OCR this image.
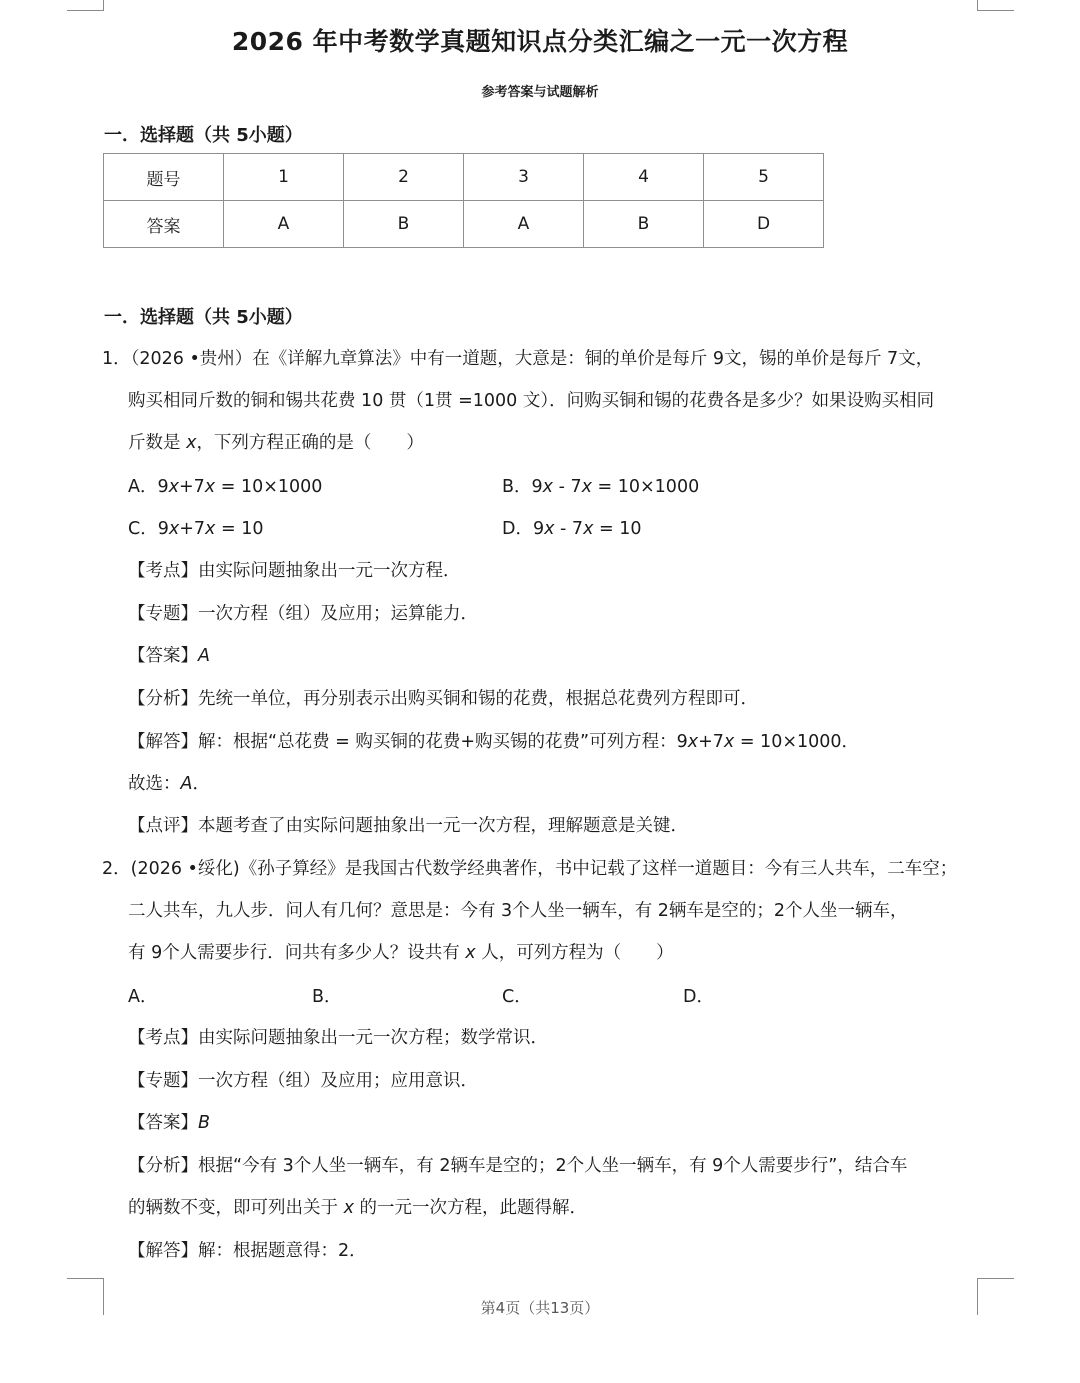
2026 年中考数学真题知识点分类汇编之一元一次方程
参考答案与试题解析
一．选择题（共 5小题）
题号	1	2	3	4	5
答案	A	B	A	B	D
一．选择题（共 5小题）
1．（2026 •贵州）在《详解九章算法》中有一道题，大意是：铜的单价是每斤 9文，锡的单价是每斤 7文，
购买相同斤数的铜和锡共花费 10 贯（1贯 =1000 文）．问购买铜和锡的花费各是多少？如果设购买相同
斤数是 x，下列方程正确的是（　　）
A．9x+7x = 10×1000	B．9x - 7x = 10×1000
C．9x+7x = 10	D．9x - 7x = 10
【考点】由实际问题抽象出一元一次方程．
【专题】一次方程（组）及应用；运算能力．
【答案】A
【分析】先统一单位，再分别表示出购买铜和锡的花费，根据总花费列方程即可．
【解答】解：根据“总花费 = 购买铜的花费+购买锡的花费”可列方程：9x+7x = 10×1000．
故选：A．
【点评】本题考查了由实际问题抽象出一元一次方程，理解题意是关键．
2．(2026 •绥化)《孙子算经》是我国古代数学经典著作，书中记载了这样一道题目：今有三人共车，二车空；
二人共车，九人步．问人有几何？意思是：今有 3个人坐一辆车，有 2辆车是空的；2个人坐一辆车，
有 9个人需要步行．问共有多少人？设共有 x 人，可列方程为（　　）
A．	B．	C．	D．
【考点】由实际问题抽象出一元一次方程；数学常识．
【专题】一次方程（组）及应用；应用意识．
【答案】B
【分析】根据“今有 3个人坐一辆车，有 2辆车是空的；2个人坐一辆车，有 9个人需要步行”，结合车
的辆数不变，即可列出关于 x 的一元一次方程，此题得解．
【解答】解：根据题意得：2．
第4页（共13页）
